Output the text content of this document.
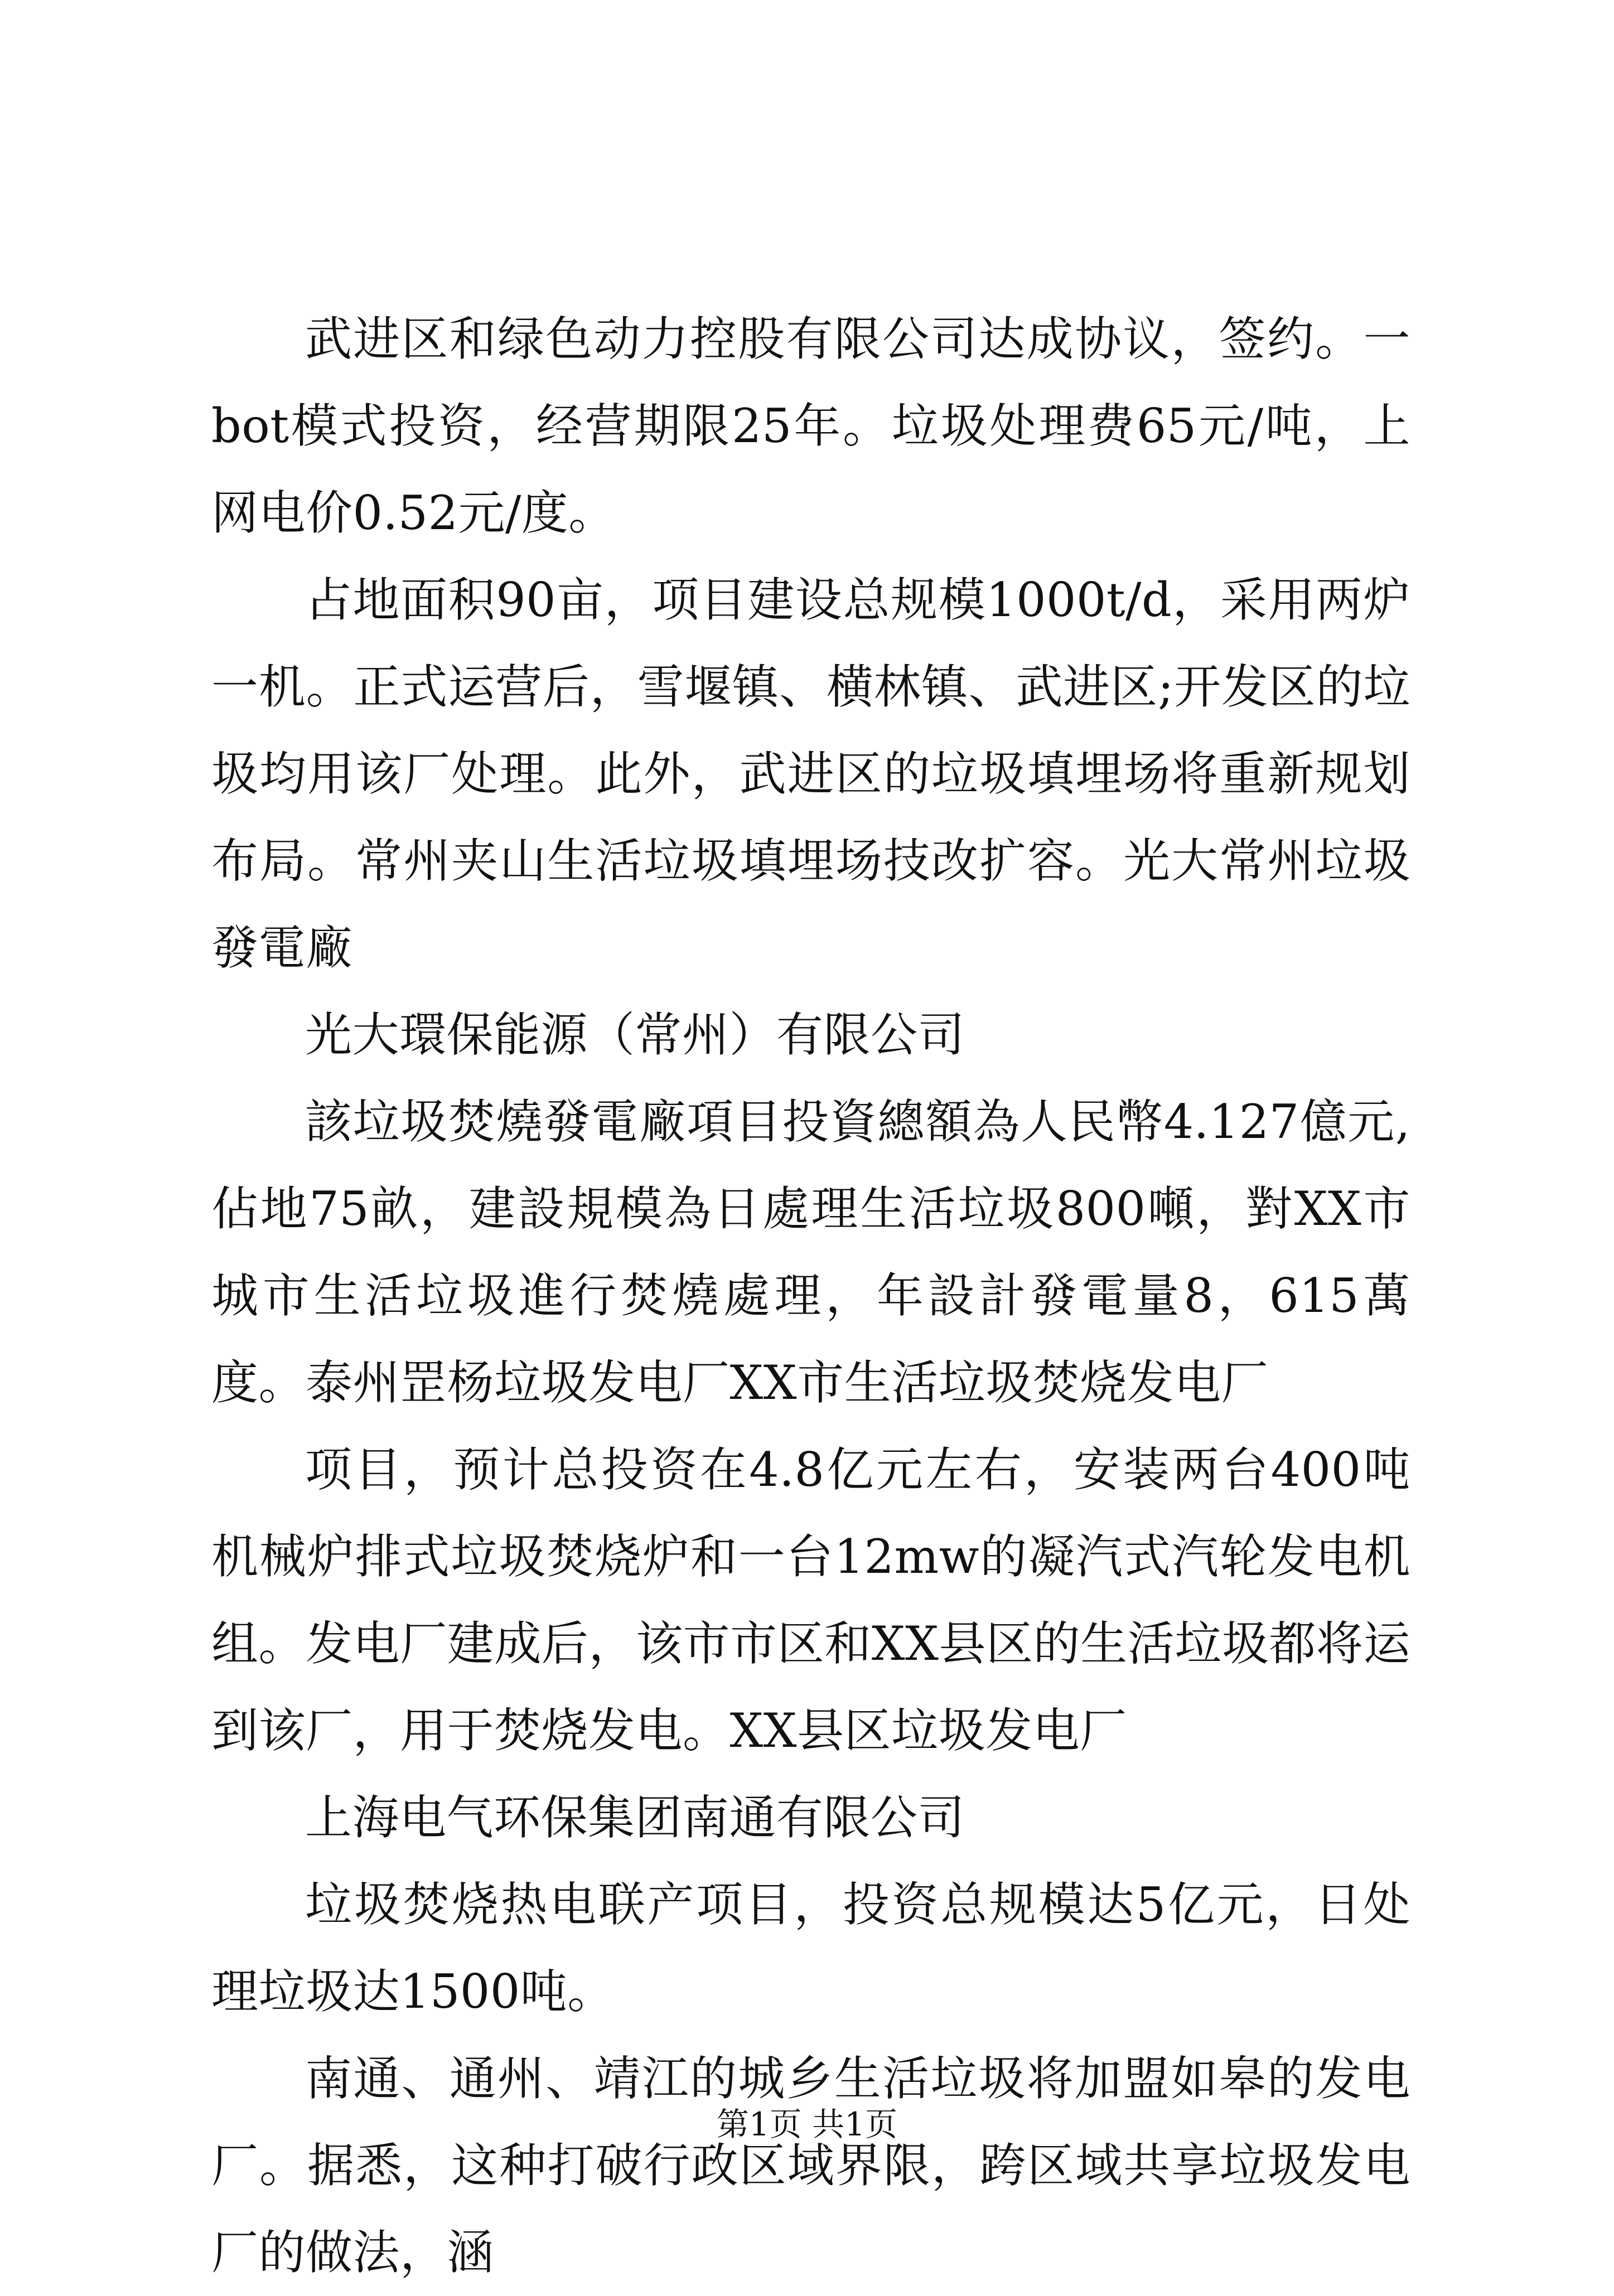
武进区和绿色动力控股有限公司达成协议，签约。一bot模式投资，经营期限25年。垃圾处理费65元/吨，上网电价0.52元/度。

占地面积90亩，项目建设总规模1000t/d，采用两炉一机。正式运营后，雪堰镇、横林镇、武进区;开发区的垃圾均用该厂处理。此外，武进区的垃圾填埋场将重新规划布局。常州夹山生活垃圾填埋场技改扩容。光大常州垃圾發電廠

光大環保能源（常州）有限公司

該垃圾焚燒發電廠項目投資總額為人民幣4.127億元,佔地75畝，建設規模為日處理生活垃圾800噸，對XX市城市生活垃圾進行焚燒處理，年設計發電量8，615萬度。泰州罡杨垃圾发电厂XX市生活垃圾焚烧发电厂

项目，预计总投资在4.8亿元左右，安装两台400吨机械炉排式垃圾焚烧炉和一台12mw的凝汽式汽轮发电机组。发电厂建成后，该市市区和XX县区的生活垃圾都将运到该厂，用于焚烧发电。XX县区垃圾发电厂

上海电气环保集团南通有限公司

垃圾焚烧热电联产项目，投资总规模达5亿元，日处理垃圾达1500吨。

南通、通州、靖江的城乡生活垃圾将加盟如皋的发电厂。据悉，这种打破行政区域界限，跨区域共享垃圾发电厂的做法，涵

第1页 共1页
